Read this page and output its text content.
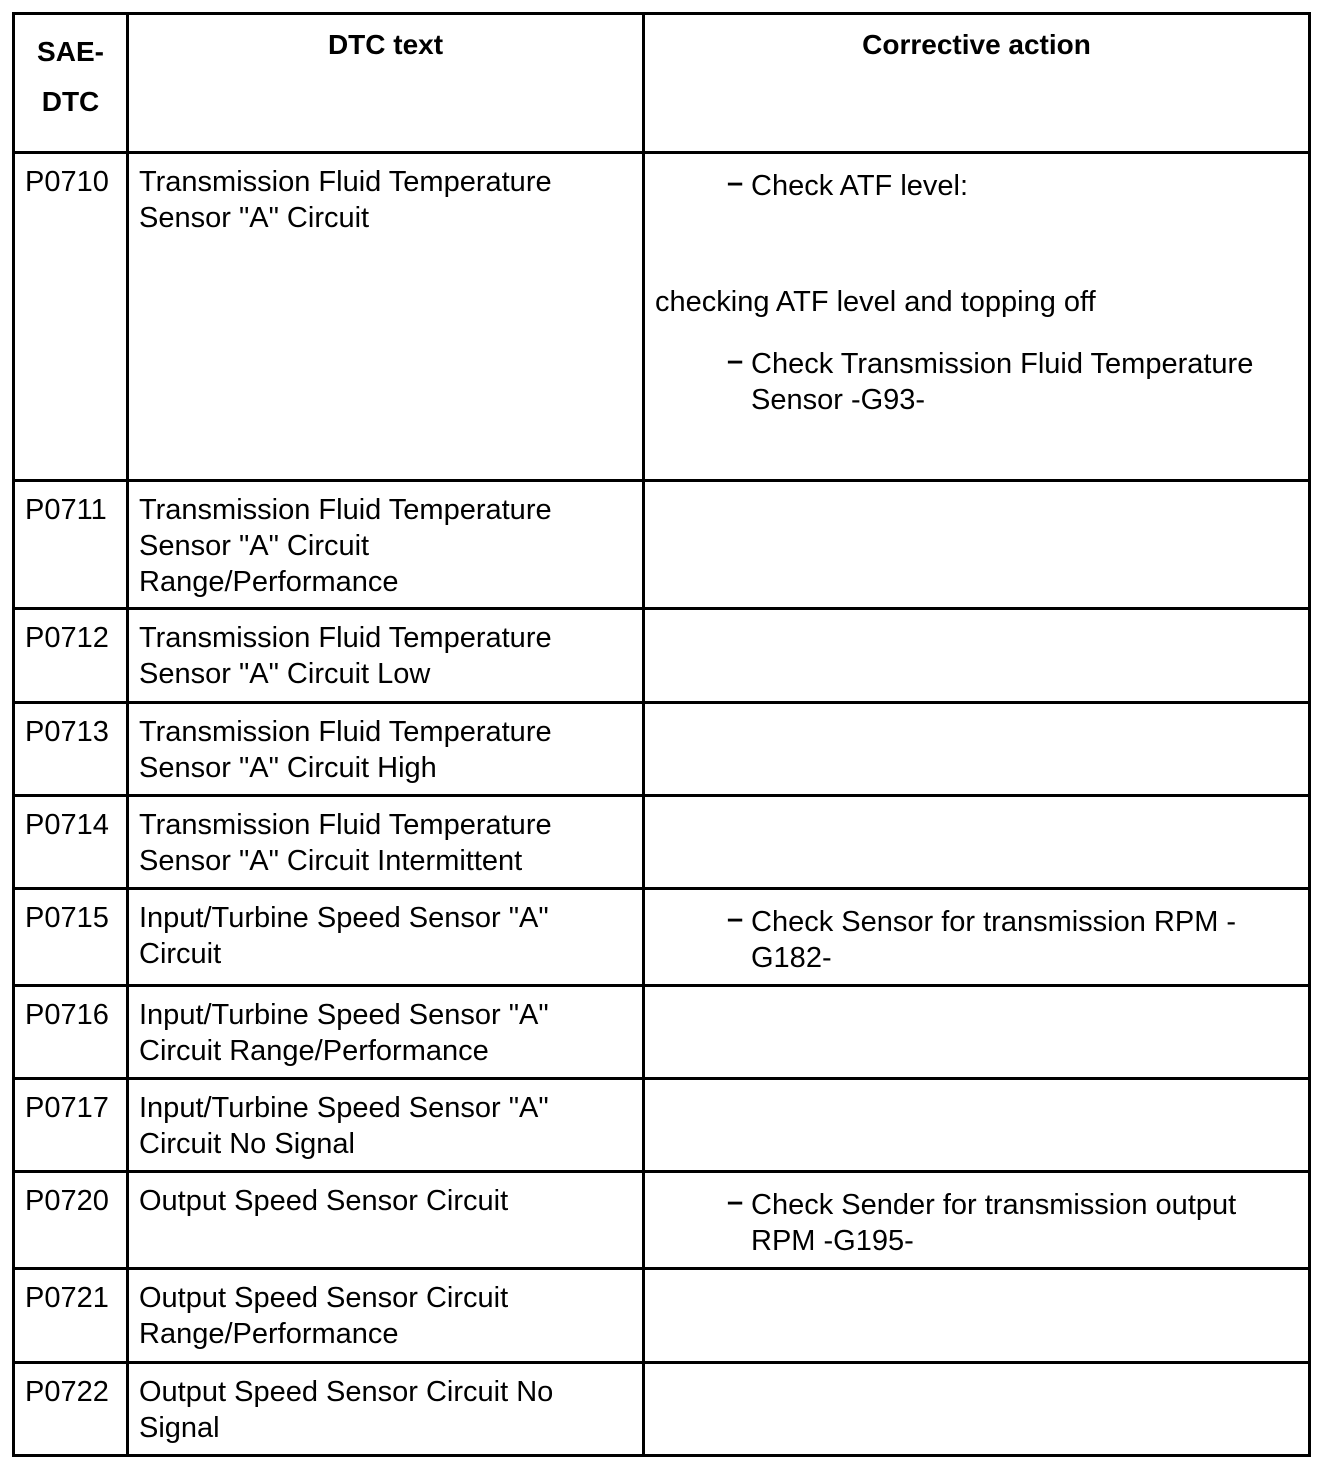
SAE-
DTC	DTC text	Corrective action
P0710	Transmission Fluid Temperature Sensor "A" Circuit	– Check ATF level:
checking ATF level and topping off
– Check Transmission Fluid Temperature Sensor -G93-

P0711	Transmission Fluid Temperature Sensor "A" Circuit Range/Performance	
P0712	Transmission Fluid Temperature Sensor "A" Circuit Low	
P0713	Transmission Fluid Temperature Sensor "A" Circuit High	
P0714	Transmission Fluid Temperature Sensor "A" Circuit Intermittent	
P0715	Input/Turbine Speed Sensor "A" Circuit	– Check Sensor for transmission RPM -G182-

P0716	Input/Turbine Speed Sensor "A" Circuit Range/Performance	
P0717	Input/Turbine Speed Sensor "A" Circuit No Signal	
P0720	Output Speed Sensor Circuit	– Check Sender for transmission output RPM -G195-

P0721	Output Speed Sensor Circuit Range/Performance	
P0722	Output Speed Sensor Circuit No Signal	
